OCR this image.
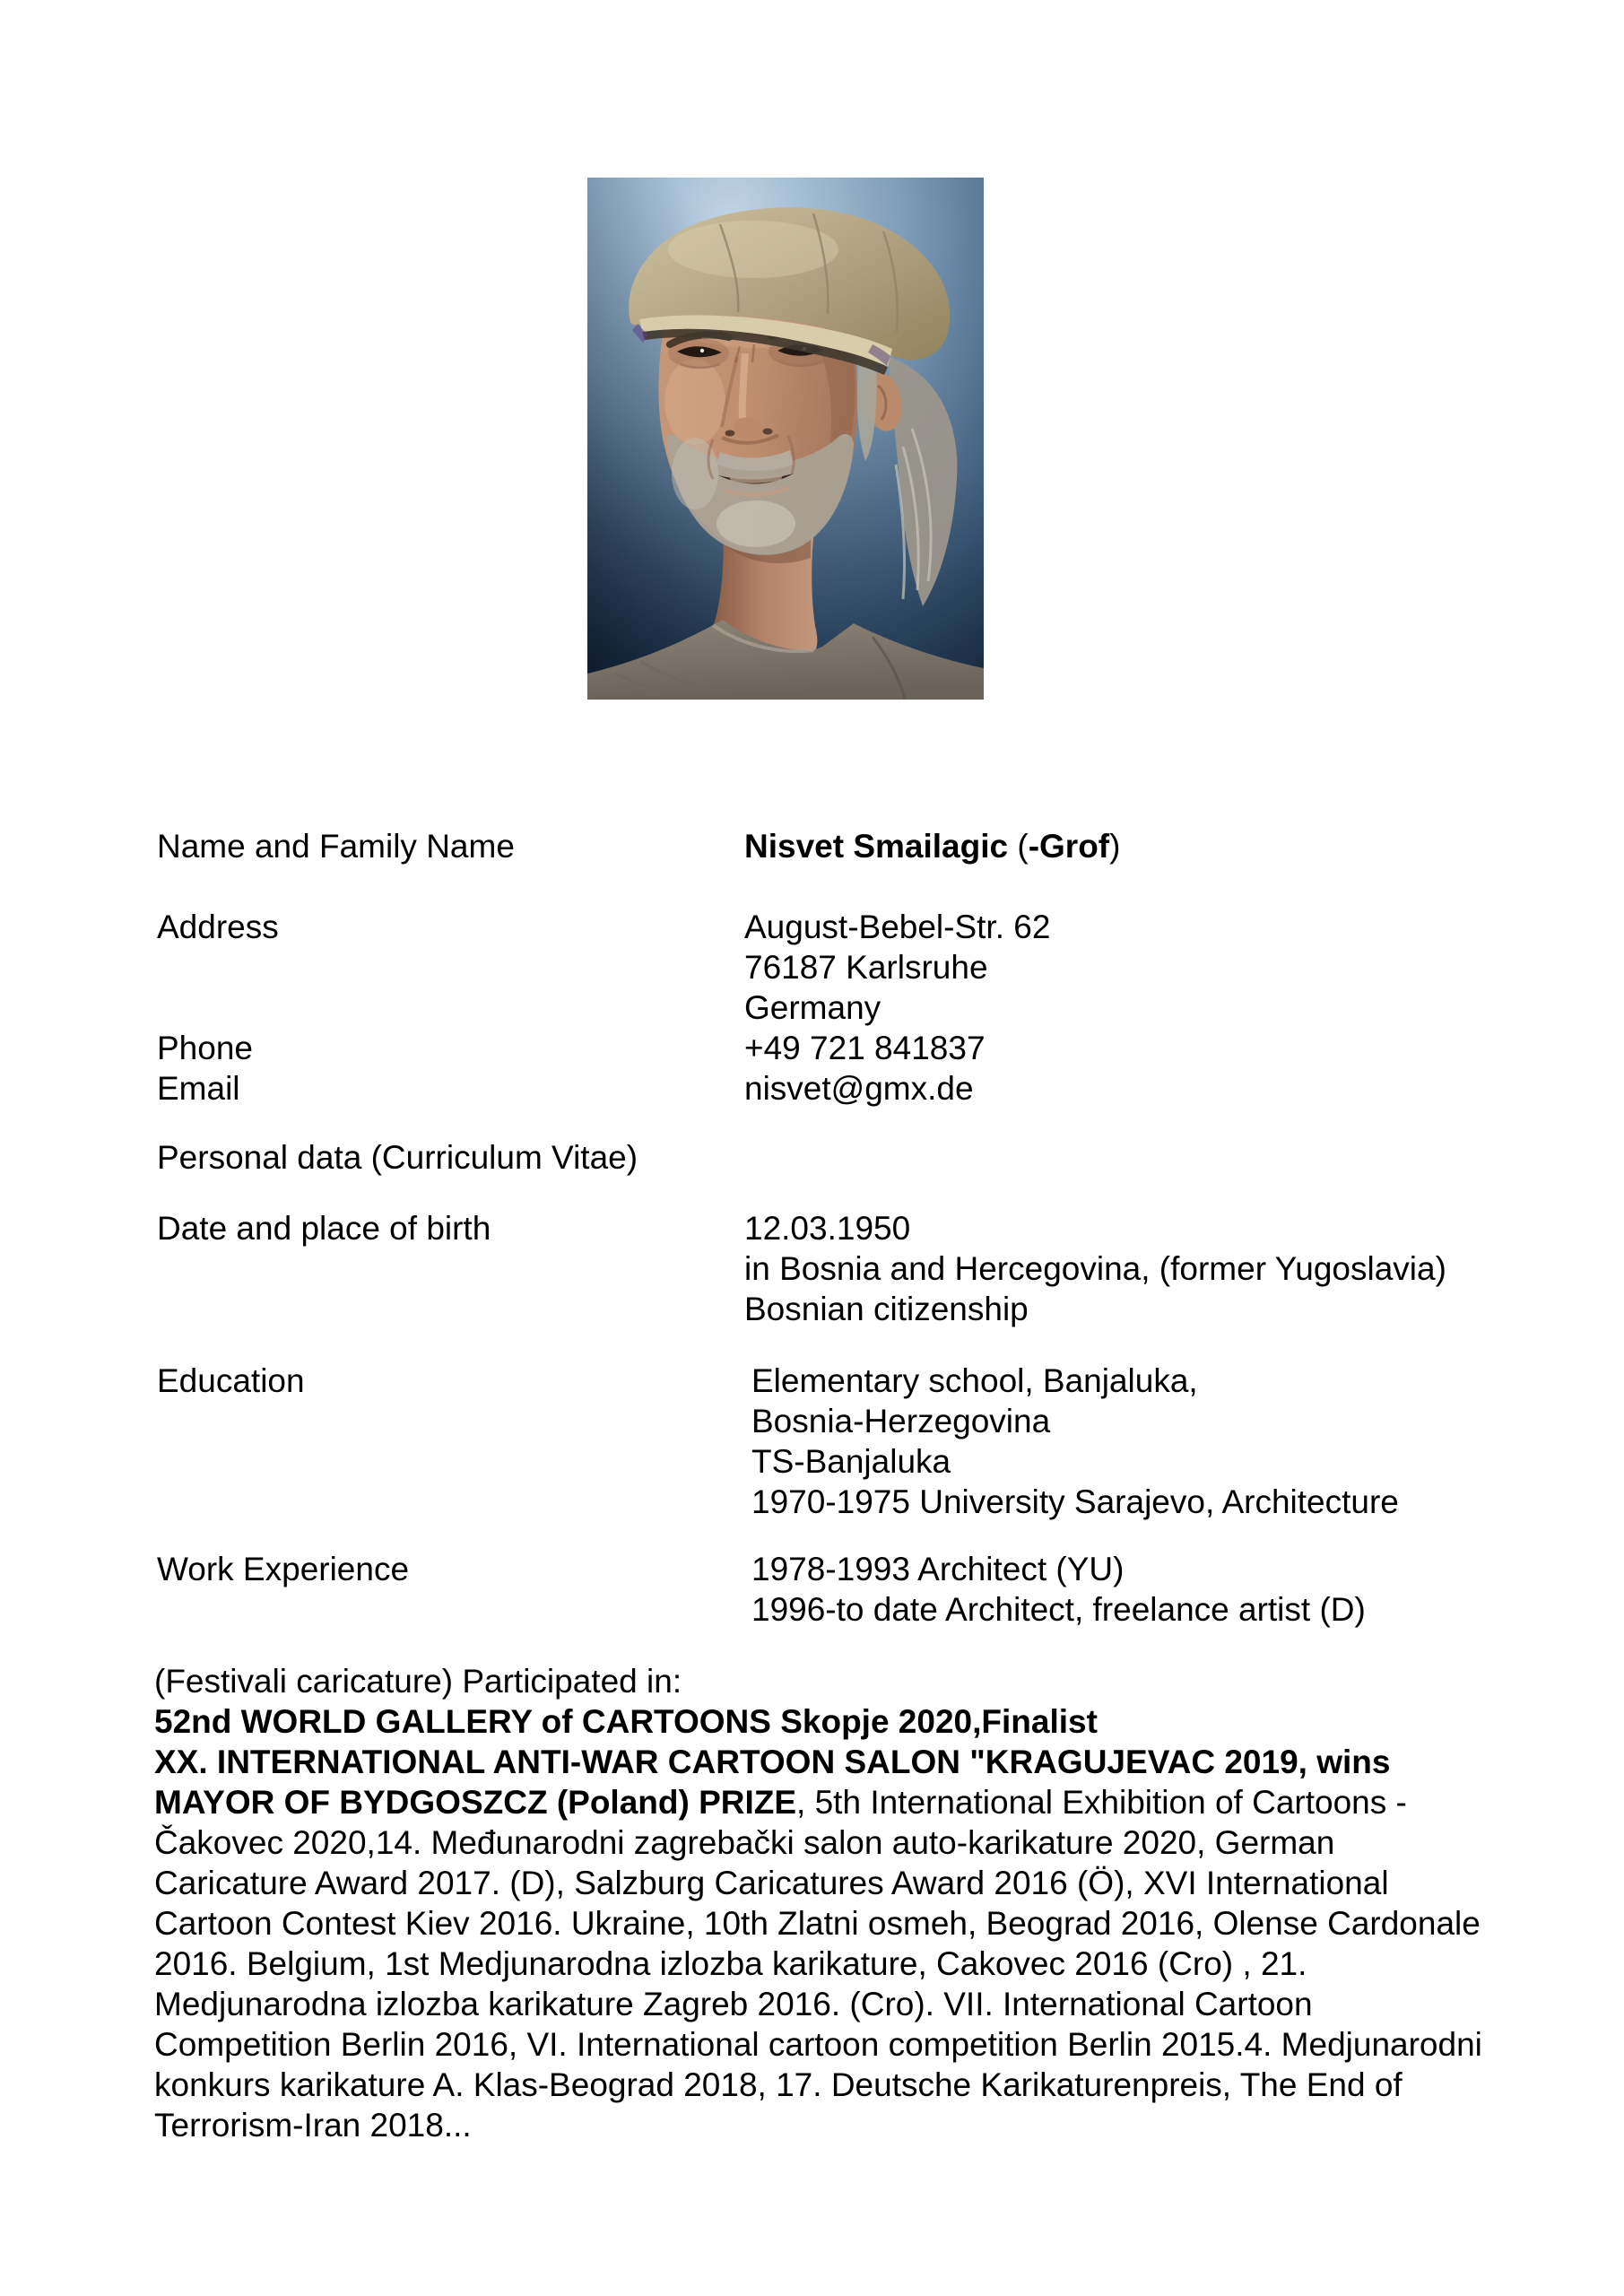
Name and Family Name	Nisvet Smailagic (-Grof)
Address	August-Bebel-Str. 62
76187 Karlsruhe
Germany
Phone	+49 721 841837
Email	nisvet@gmx.de
Personal data (Curriculum Vitae)
Date and place of birth	12.03.1950
in Bosnia and Hercegovina, (former Yugoslavia)
Bosnian citizenship
Education	Elementary school, Banjaluka,
Bosnia-Herzegovina
TS-Banjaluka
1970-1975 University Sarajevo, Architecture
Work Experience	1978-1993 Architect (YU)
1996-to date Architect, freelance artist (D)
(Festivali caricature) Participated in:
52nd WORLD GALLERY of CARTOONS Skopje 2020,Finalist
XX. INTERNATIONAL ANTI-WAR CARTOON SALON "KRAGUJEVAC 2019, wins
MAYOR OF BYDGOSZCZ (Poland) PRIZE, 5th International Exhibition of Cartoons -
Čakovec 2020,14. Međunarodni zagrebački salon auto-karikature 2020, German
Caricature Award 2017. (D), Salzburg Caricatures Award 2016 (Ö), XVI International
Cartoon Contest Kiev 2016. Ukraine, 10th Zlatni osmeh, Beograd 2016, Olense Cardonale
2016. Belgium, 1st Medjunarodna izlozba karikature, Cakovec 2016 (Cro) , 21.
Medjunarodna izlozba karikature Zagreb 2016. (Cro). VII. International Cartoon
Competition Berlin 2016, VI. International cartoon competition Berlin 2015.4. Medjunarodni
konkurs karikature A. Klas-Beograd 2018, 17. Deutsche Karikaturenpreis, The End of
Terrorism-Iran 2018...
